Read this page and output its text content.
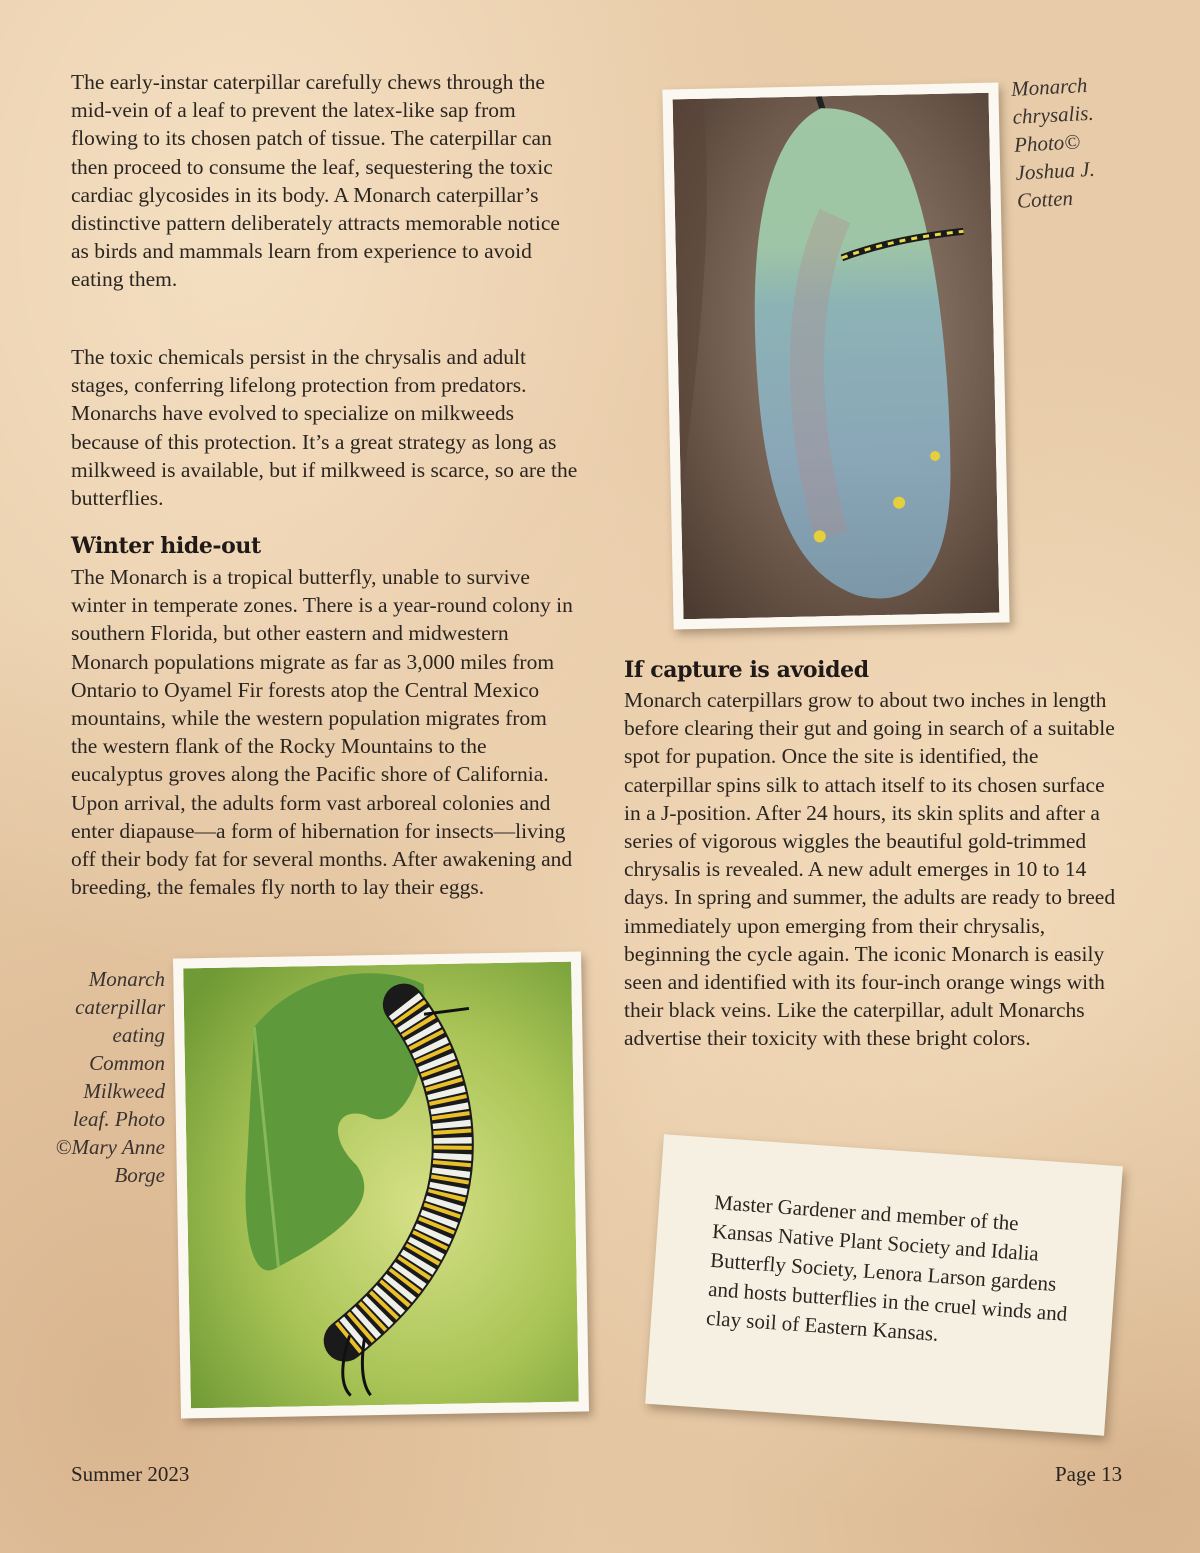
The early-instar caterpillar carefully chews through the mid-vein of a leaf to prevent the latex-like sap from flowing to its chosen patch of tissue. The caterpillar can then proceed to consume the leaf, sequestering the toxic cardiac glycosides in its body. A Monarch caterpillar’s distinctive pattern deliberately attracts memorable notice as birds and mammals learn from experience to avoid eating them.

The toxic chemicals persist in the chrysalis and adult stages, conferring lifelong protection from predators. Monarchs have evolved to specialize on milkweeds because of this protection. It’s a great strategy as long as milkweed is available, but if milkweed is scarce, so are the butterflies.

Winter hide-out

The Monarch is a tropical butterfly, unable to survive winter in temperate zones. There is a year-round colony in southern Florida, but other eastern and midwestern Monarch populations migrate as far as 3,000 miles from Ontario to Oyamel Fir forests atop the Central Mexico mountains, while the western population migrates from the western flank of the Rocky Mountains to the eucalyptus groves along the Pacific shore of California. Upon arrival, the adults form vast arboreal colonies and enter diapause—a form of hibernation for insects—living off their body fat for several months. After awakening and breeding, the females fly north to lay their eggs.

Monarch chrysalis. Photo© Joshua J. Cotten

If capture is avoided

Monarch caterpillars grow to about two inches in length before clearing their gut and going in search of a suitable spot for pupation. Once the site is identified, the caterpillar spins silk to attach itself to its chosen surface in a J-position. After 24 hours, its skin splits and after a series of vigorous wiggles the beautiful gold-trimmed chrysalis is revealed. A new adult emerges in 10 to 14 days. In spring and summer, the adults are ready to breed immediately upon emerging from their chrysalis, beginning the cycle again. The iconic Monarch is easily seen and identified with its four-inch orange wings with their black veins. Like the caterpillar, adult Monarchs advertise their toxicity with these bright colors.

Monarch caterpillar eating Common Milkweed leaf. Photo ©Mary Anne Borge

Master Gardener and member of the Kansas Native Plant Society and Idalia Butterfly Society, Lenora Larson gardens and hosts butterflies in the cruel winds and clay soil of Eastern Kansas.

Summer 2023	Page 13
